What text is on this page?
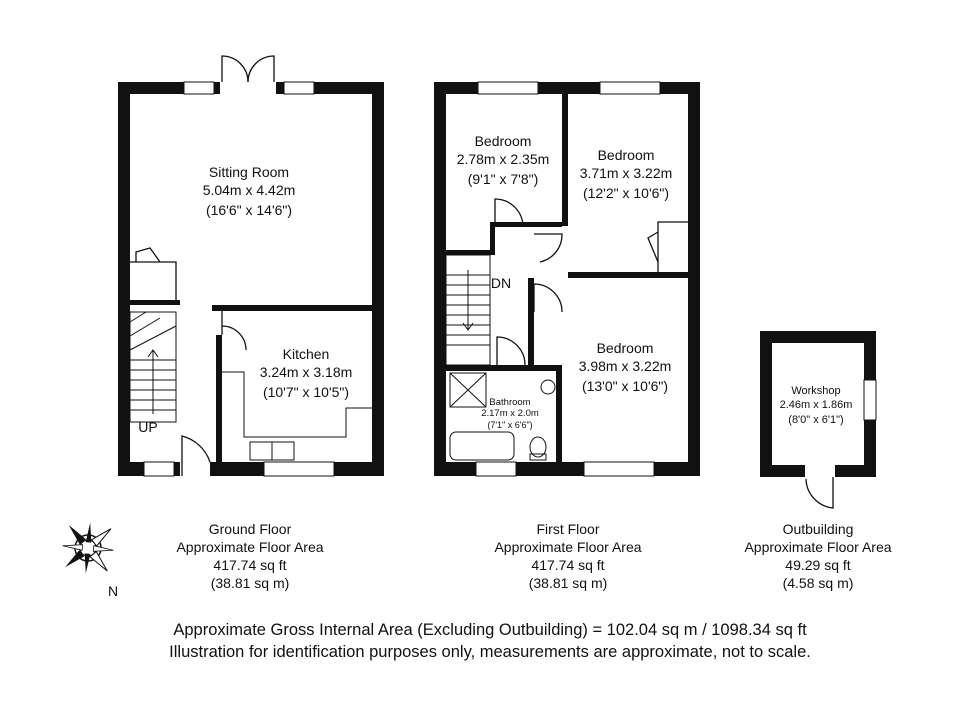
N
Sitting Room
5.04m x 4.42m
(16'6" x 14'6")
Kitchen
3.24m x 3.18m
(10'7" x 10'5")
UP
Bedroom
2.78m x 2.35m
(9'1" x 7'8")
Bedroom
3.71m x 3.22m
(12'2" x 10'6")
Bedroom
3.98m x 3.22m
(13'0" x 10'6")
Bathroom
2.17m x 2.0m
(7'1" x 6'6")
DN
Workshop
2.46m x 1.86m
(8'0" x 6'1")
Ground Floor
Approximate Floor Area
417.74 sq ft
(38.81 sq m)
First Floor
Approximate Floor Area
417.74 sq ft
(38.81 sq m)
Outbuilding
Approximate Floor Area
49.29 sq ft
(4.58 sq m)
Approximate Gross Internal Area (Excluding Outbuilding) = 102.04 sq m / 1098.34 sq ft
Illustration for identification purposes only, measurements are approximate, not to scale.
